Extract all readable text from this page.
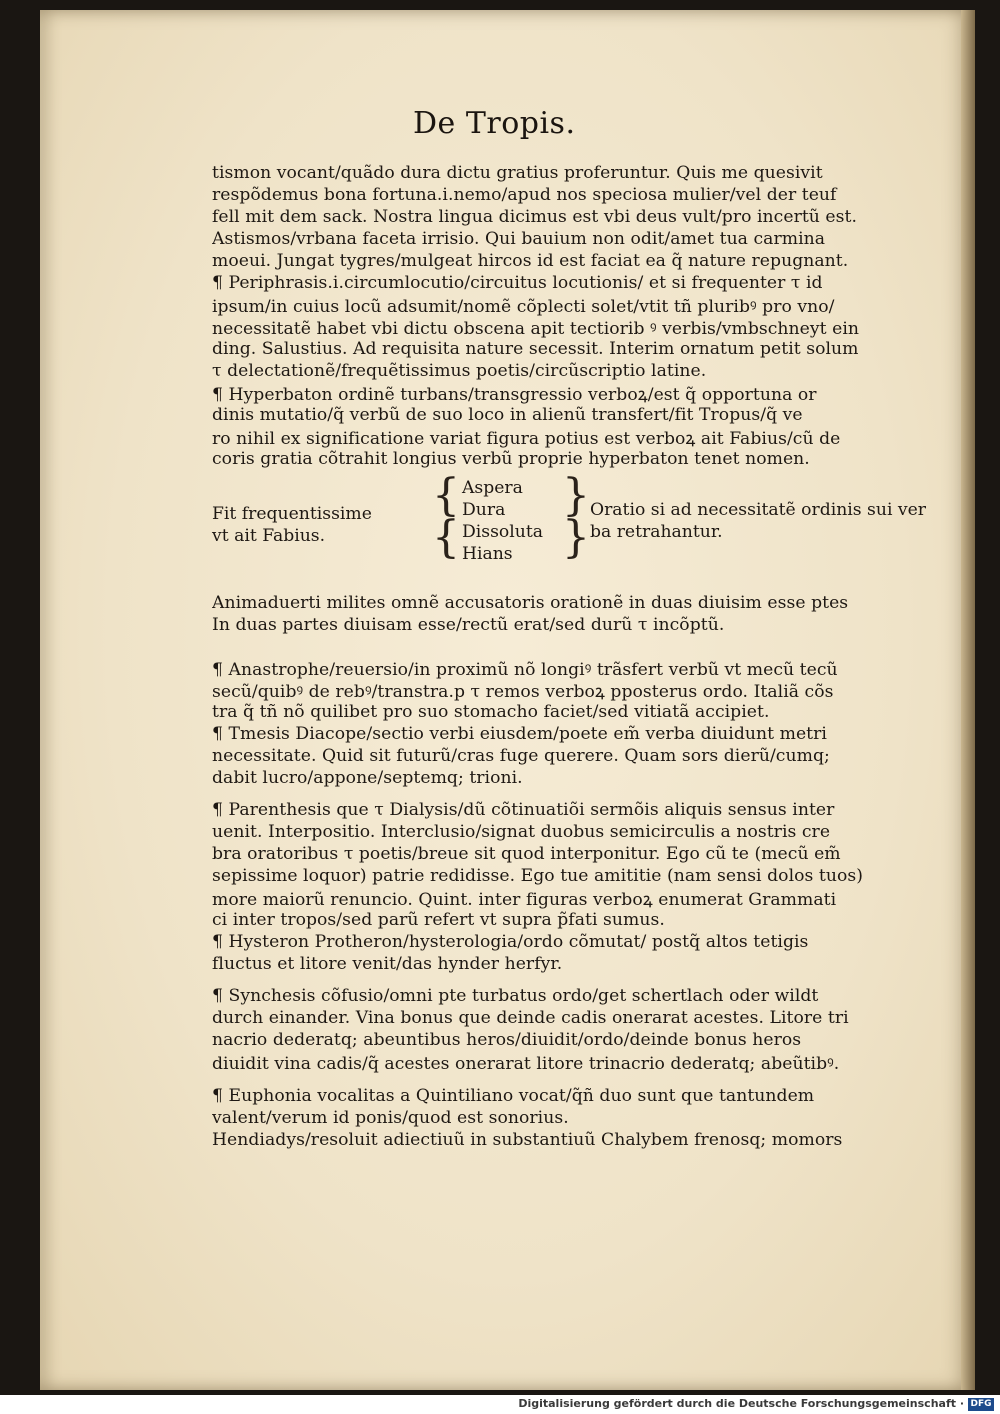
De Tropis.
tismon vocant/quãdo dura dictu gratius proferuntur. Quis me quesivit
respõdemus bona fortuna.i.nemo/apud nos speciosa mulier/vel der teuf
fell mit dem sack. Nostra lingua dicimus est vbi deus vult/pro incertũ est.
Astismos/vrbana faceta irrisio. Qui bauium non odit/amet tua carmina
moeui. Jungat tygres/mulgeat hircos id est faciat ea q̃ nature repugnant.
¶ Periphrasis.i.circumlocutio/circuitus locutionis/ et si frequenter τ id
ipsum/in cuius locũ adsumit/nomẽ cõplecti solet/vtit tñ pluribꝰ pro vno/
necessitatẽ habet vbi dictu obscena apit tectiorib ꝰ verbis/vmbschneyt ein
ding. Salustius. Ad requisita nature secessit. Interim ornatum petit solum
τ delectationẽ/frequẽtissimus poetis/circũscriptio latine.
¶ Hyperbaton ordinẽ turbans/transgressio verboꝝ/est q̃ opportuna or
dinis mutatio/q̃ verbũ de suo loco in alienũ transfert/fit Tropus/q̃ ve
ro nihil ex significatione variat figura potius est verboꝝ ait Fabius/cũ de
coris gratia cõtrahit longius verbũ proprie hyperbaton tenet nomen.
Fit frequentissime
vt ait Fabius.
{
{
Aspera
Dura
Dissoluta
Hians
}
}
Oratio si ad necessitatẽ ordinis sui ver
ba retrahantur.
Animaduerti milites omnẽ accusatoris orationẽ in duas diuisim esse ptes
In duas partes diuisam esse/rectũ erat/sed durũ τ incõptũ.
¶ Anastrophe/reuersio/in proximũ nõ longiꝰ trãsfert verbũ vt mecũ tecũ
secũ/quibꝰ de rebꝰ/transtra.p τ remos verboꝝ pposterus ordo. Italiã cõs
tra q̃ tñ nõ quilibet pro suo stomacho faciet/sed vitiatã accipiet.
¶ Tmesis Diacope/sectio verbi eiusdem/poete em̃ verba diuidunt metri
necessitate. Quid sit futurũ/cras fuge querere. Quam sors dierũ/cumq;
dabit lucro/appone/septemq; trioni.
¶ Parenthesis que τ Dialysis/dũ cõtinuatiõi sermõis aliquis sensus inter
uenit. Interpositio. Interclusio/signat duobus semicirculis a nostris cre
bra oratoribus τ poetis/breue sit quod interponitur. Ego cũ te (mecũ em̃
sepissime loquor) patrie redidisse. Ego tue amititie (nam sensi dolos tuos)
more maiorũ renuncio. Quint. inter figuras verboꝝ enumerat Grammati
ci inter tropos/sed parũ refert vt supra p̃fati sumus.
¶ Hysteron Protheron/hysterologia/ordo cõmutat/ postq̃ altos tetigis
fluctus et litore venit/das hynder herfyr.
¶ Synchesis cõfusio/omni pte turbatus ordo/get schertlach oder wildt
durch einander. Vina bonus que deinde cadis onerarat acestes. Litore tri
nacrio dederatq; abeuntibus heros/diuidit/ordo/deinde bonus heros
diuidit vina cadis/q̃ acestes onerarat litore trinacrio dederatq; abeũtibꝰ.
¶ Euphonia vocalitas a Quintiliano vocat/q̃ñ duo sunt que tantundem
valent/verum id ponis/quod est sonorius.
Hendiadys/resoluit adiectiuũ in substantiuũ Chalybem frenosq; momors
Digitalisierung gefördert durch die Deutsche Forschungsgemeinschaft · DFG
